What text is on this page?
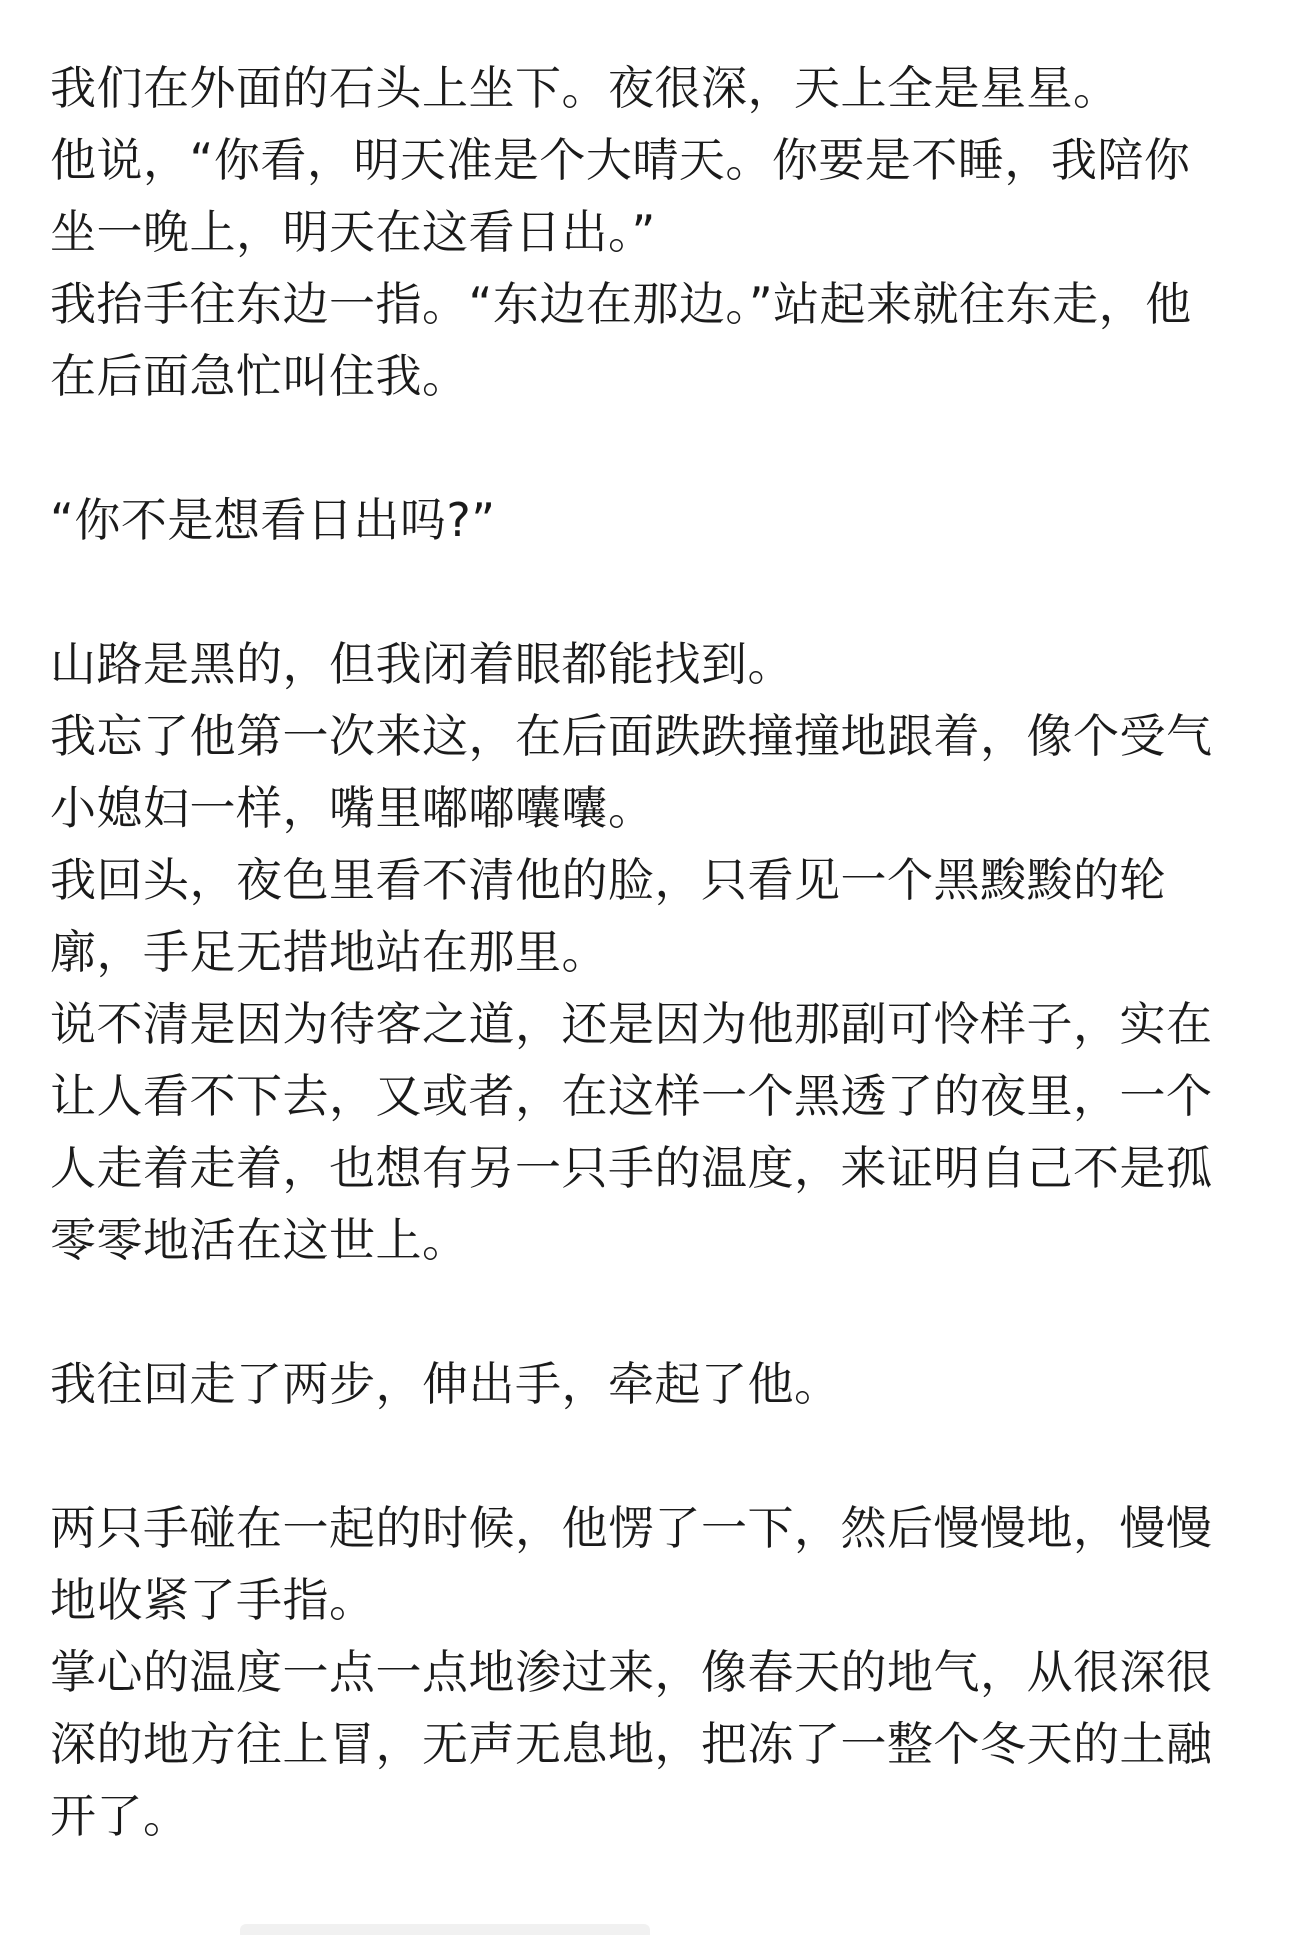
我们在外面的石头上坐下。夜很深，天上全是星星。

他说，“你看，明天准是个大晴天。你要是不睡，我陪你
坐一晚上，明天在这看日出。”

我抬手往东边一指。“东边在那边。”站起来就往东走，他
在后面急忙叫住我。

“你不是想看日出吗?”

山路是黑的，但我闭着眼都能找到。

我忘了他第一次来这，在后面跌跌撞撞地跟着，像个受气
小媳妇一样，嘴里嘟嘟囔囔。

我回头，夜色里看不清他的脸，只看见一个黑黢黢的轮
廓，手足无措地站在那里。

说不清是因为待客之道，还是因为他那副可怜样子，实在
让人看不下去，又或者，在这样一个黑透了的夜里，一个
人走着走着，也想有另一只手的温度，来证明自己不是孤
零零地活在这世上。

我往回走了两步，伸出手，牵起了他。

两只手碰在一起的时候，他愣了一下，然后慢慢地，慢慢
地收紧了手指。

掌心的温度一点一点地渗过来，像春天的地气，从很深很
深的地方往上冒，无声无息地，把冻了一整个冬天的土融
开了。
